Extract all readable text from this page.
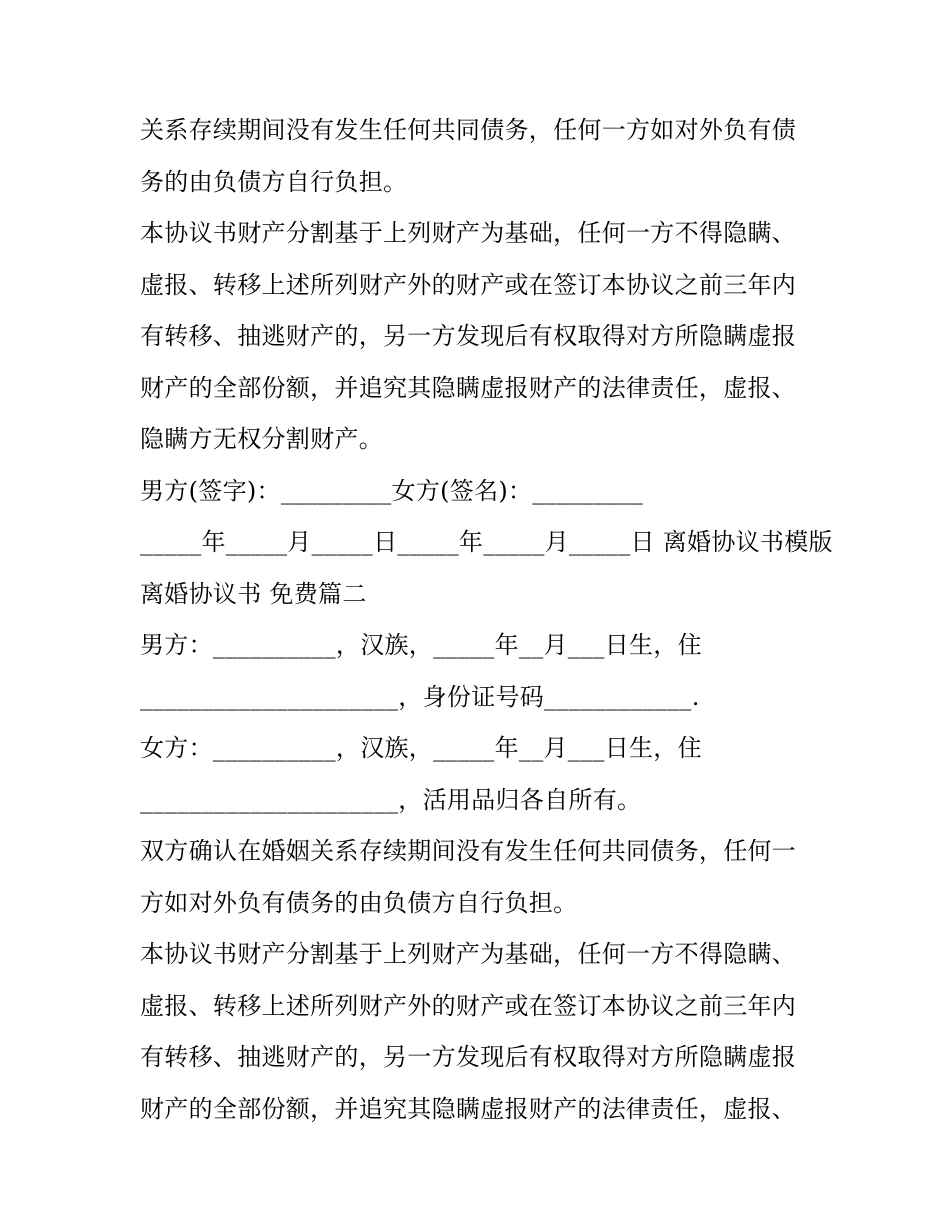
关系存续期间没有发生任何共同债务，任何一方如对外负有债
务的由负债方自行负担。
本协议书财产分割基于上列财产为基础，任何一方不得隐瞒、
虚报、转移上述所列财产外的财产或在签订本协议之前三年内
有转移、抽逃财产的，另一方发现后有权取得对方所隐瞒虚报
财产的全部份额，并追究其隐瞒虚报财产的法律责任，虚报、
隐瞒方无权分割财产。
男方(签字)：_________女方(签名)：_________
_____年_____月_____日_____年_____月_____日 离婚协议书模版
离婚协议书 免费篇二
男方：__________，汉族，_____年__月___日生，住
_____________________，身份证号码____________.
女方：__________，汉族，_____年__月___日生，住
_____________________，活用品归各自所有。
双方确认在婚姻关系存续期间没有发生任何共同债务，任何一
方如对外负有债务的由负债方自行负担。
本协议书财产分割基于上列财产为基础，任何一方不得隐瞒、
虚报、转移上述所列财产外的财产或在签订本协议之前三年内
有转移、抽逃财产的，另一方发现后有权取得对方所隐瞒虚报
财产的全部份额，并追究其隐瞒虚报财产的法律责任，虚报、
